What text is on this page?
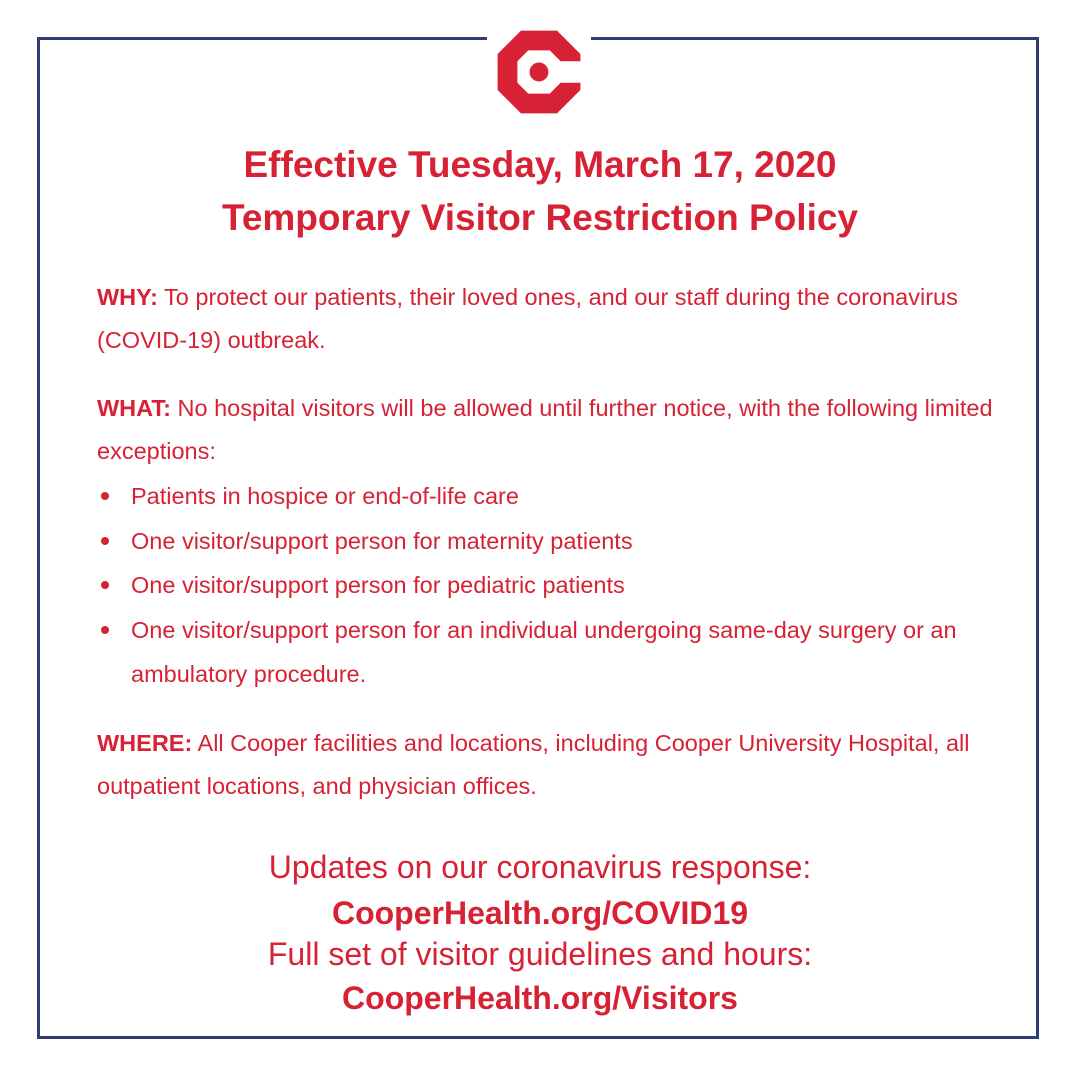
Effective Tuesday, March 17, 2020
Temporary Visitor Restriction Policy

WHY: To protect our patients, their loved ones, and our staff during the coronavirus (COVID-19) outbreak.

WHAT: No hospital visitors will be allowed until further notice, with the following limited exceptions:

Patients in hospice or end-of-life care
One visitor/support person for maternity patients
One visitor/support person for pediatric patients
One visitor/support person for an individual undergoing same-day surgery or an ambulatory procedure.

WHERE: All Cooper facilities and locations, including Cooper University Hospital, all outpatient locations, and physician offices.

Updates on our coronavirus response:

CooperHealth.org/COVID19

Full set of visitor guidelines and hours:

CooperHealth.org/Visitors
